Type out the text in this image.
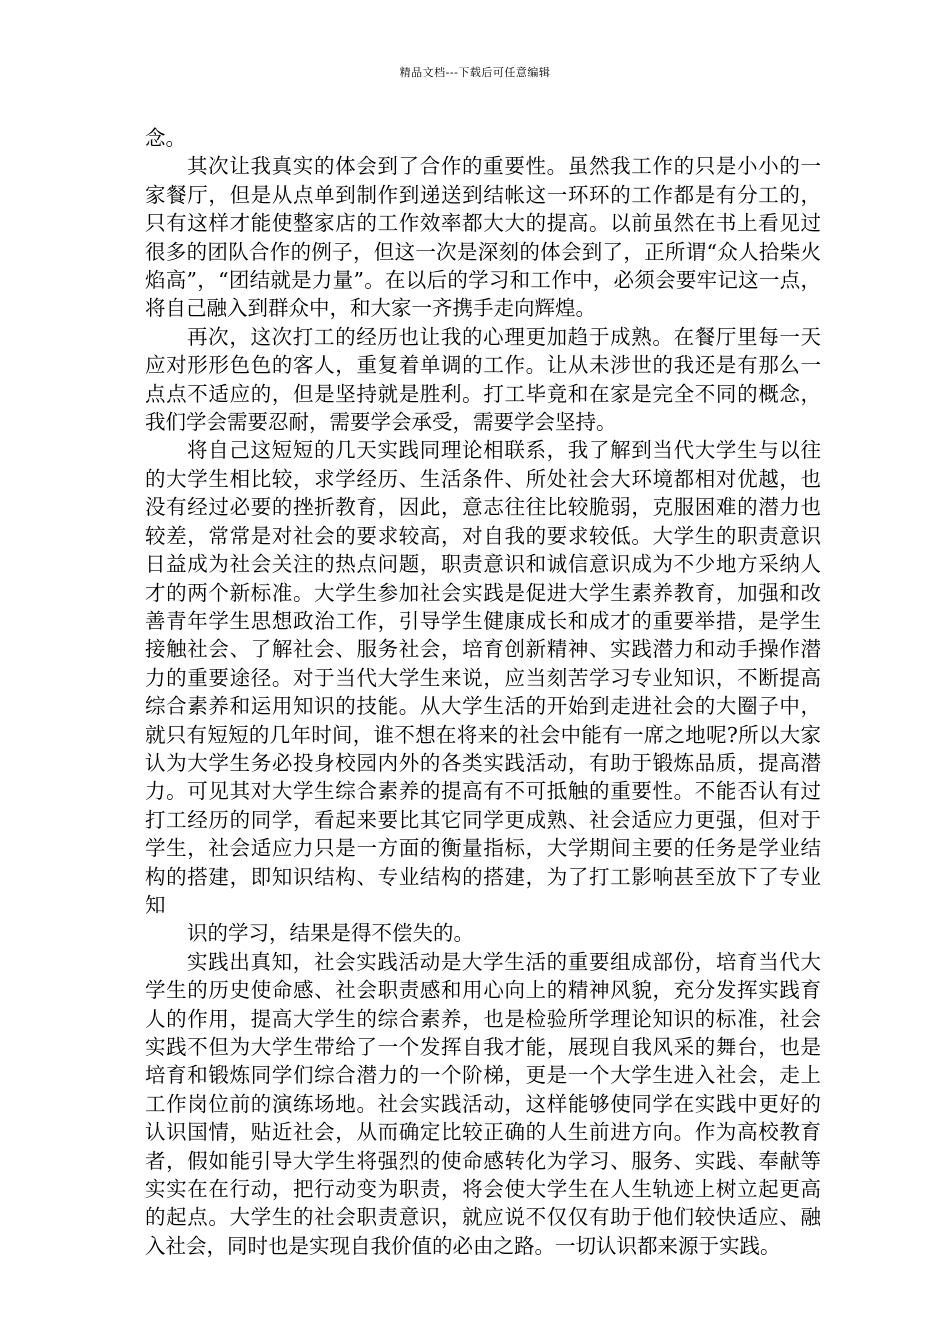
精品文档---下载后可任意编辑

念。

其次让我真实的体会到了合作的重要性。虽然我工作的只是小小的一家餐厅，但是从点单到制作到递送到结帐这一环环的工作都是有分工的，只有这样才能使整家店的工作效率都大大的提高。以前虽然在书上看见过很多的团队合作的例子，但这一次是深刻的体会到了，正所谓“众人拾柴火焰高”，“团结就是力量”。在以后的学习和工作中，必须会要牢记这一点，将自己融入到群众中，和大家一齐携手走向辉煌。

再次，这次打工的经历也让我的心理更加趋于成熟。在餐厅里每一天应对形形色色的客人，重复着单调的工作。让从未涉世的我还是有那么一点点不适应的，但是坚持就是胜利。打工毕竟和在家是完全不同的概念，我们学会需要忍耐，需要学会承受，需要学会坚持。

将自己这短短的几天实践同理论相联系，我了解到当代大学生与以往的大学生相比较，求学经历、生活条件、所处社会大环境都相对优越，也没有经过必要的挫折教育，因此，意志往往比较脆弱，克服困难的潜力也较差，常常是对社会的要求较高，对自我的要求较低。大学生的职责意识日益成为社会关注的热点问题，职责意识和诚信意识成为不少地方采纳人才的两个新标准。大学生参加社会实践是促进大学生素养教育，加强和改善青年学生思想政治工作，引导学生健康成长和成才的重要举措，是学生接触社会、了解社会、服务社会，培育创新精神、实践潜力和动手操作潜力的重要途径。对于当代大学生来说，应当刻苦学习专业知识，不断提高综合素养和运用知识的技能。从大学生活的开始到走进社会的大圈子中，就只有短短的几年时间，谁不想在将来的社会中能有一席之地呢?所以大家认为大学生务必投身校园内外的各类实践活动，有助于锻炼品质，提高潜力。可见其对大学生综合素养的提高有不可抵触的重要性。不能否认有过打工经历的同学，看起来要比其它同学更成熟、社会适应力更强，但对于学生，社会适应力只是一方面的衡量指标，大学期间主要的任务是学业结构的搭建，即知识结构、专业结构的搭建，为了打工影响甚至放下了专业知

识的学习，结果是得不偿失的。

实践出真知，社会实践活动是大学生活的重要组成部份，培育当代大学生的历史使命感、社会职责感和用心向上的精神风貌，充分发挥实践育人的作用，提高大学生的综合素养，也是检验所学理论知识的标准，社会实践不但为大学生带给了一个发挥自我才能，展现自我风采的舞台，也是培育和锻炼同学们综合潜力的一个阶梯，更是一个大学生进入社会，走上工作岗位前的演练场地。社会实践活动，这样能够使同学在实践中更好的认识国情，贴近社会，从而确定比较正确的人生前进方向。作为高校教育者，假如能引导大学生将强烈的使命感转化为学习、服务、实践、奉献等实实在在行动，把行动变为职责，将会使大学生在人生轨迹上树立起更高的起点。大学生的社会职责意识，就应说不仅仅有助于他们较快适应、融入社会，同时也是实现自我价值的必由之路。一切认识都来源于实践。
